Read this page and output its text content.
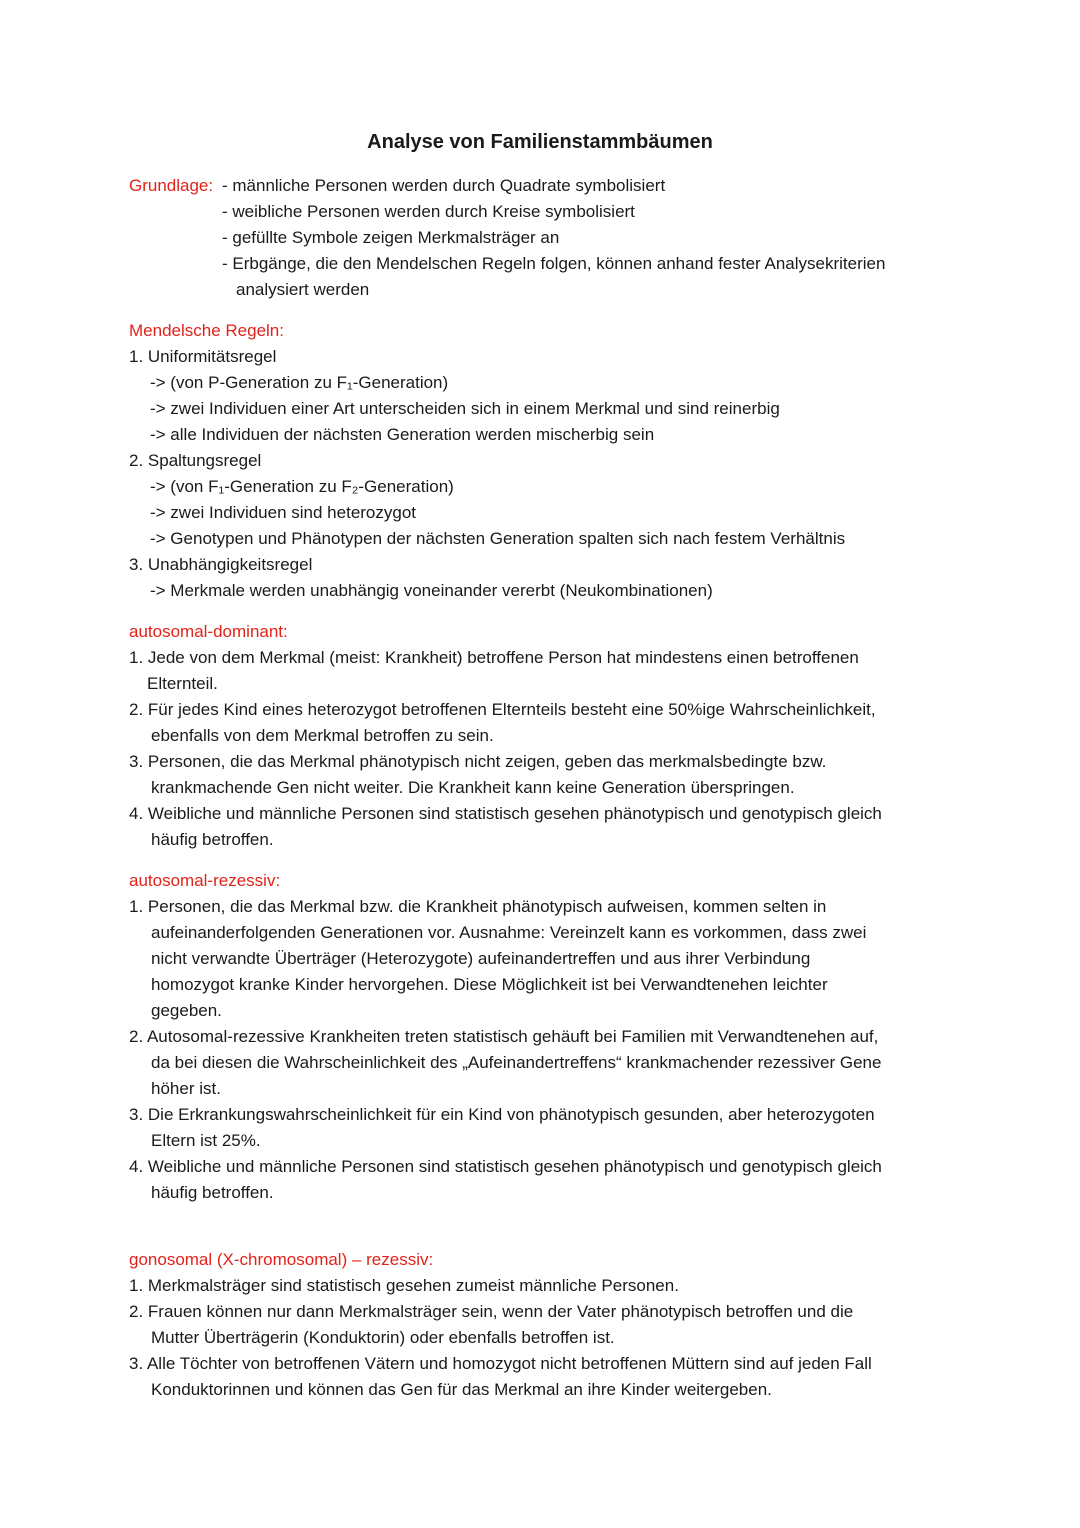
Analyse von Familienstammbäumen
Grundlage: - männliche Personen werden durch Quadrate symbolisiert
- weibliche Personen werden durch Kreise symbolisiert
- gefüllte Symbole zeigen Merkmalsträger an
- Erbgänge, die den Mendelschen Regeln folgen, können anhand fester Analysekriterien
analysiert werden
Mendelsche Regeln:
1. Uniformitätsregel
-> (von P-Generation zu F₁-Generation)
-> zwei Individuen einer Art unterscheiden sich in einem Merkmal und sind reinerbig
-> alle Individuen der nächsten Generation werden mischerbig sein
2. Spaltungsregel
-> (von F₁-Generation zu F₂-Generation)
-> zwei Individuen sind heterozygot
-> Genotypen und Phänotypen der nächsten Generation spalten sich nach festem Verhältnis
3. Unabhängigkeitsregel
-> Merkmale werden unabhängig voneinander vererbt (Neukombinationen)
autosomal-dominant:
1. Jede von dem Merkmal (meist: Krankheit) betroffene Person hat mindestens einen betroffenen
Elternteil.
2. Für jedes Kind eines heterozygot betroffenen Elternteils besteht eine 50%ige Wahrscheinlichkeit,
ebenfalls von dem Merkmal betroffen zu sein.
3. Personen, die das Merkmal phänotypisch nicht zeigen, geben das merkmalsbedingte bzw.
krankmachende Gen nicht weiter. Die Krankheit kann keine Generation überspringen.
4. Weibliche und männliche Personen sind statistisch gesehen phänotypisch und genotypisch gleich
häufig betroffen.
autosomal-rezessiv:
1. Personen, die das Merkmal bzw. die Krankheit phänotypisch aufweisen, kommen selten in
aufeinanderfolgenden Generationen vor. Ausnahme: Vereinzelt kann es vorkommen, dass zwei
nicht verwandte Überträger (Heterozygote) aufeinandertreffen und aus ihrer Verbindung
homozygot kranke Kinder hervorgehen. Diese Möglichkeit ist bei Verwandtenehen leichter
gegeben.
2. Autosomal-rezessive Krankheiten treten statistisch gehäuft bei Familien mit Verwandtenehen auf,
da bei diesen die Wahrscheinlichkeit des „Aufeinandertreffens“ krankmachender rezessiver Gene
höher ist.
3. Die Erkrankungswahrscheinlichkeit für ein Kind von phänotypisch gesunden, aber heterozygoten
Eltern ist 25%.
4. Weibliche und männliche Personen sind statistisch gesehen phänotypisch und genotypisch gleich
häufig betroffen.
gonosomal (X-chromosomal) – rezessiv:
1. Merkmalsträger sind statistisch gesehen zumeist männliche Personen.
2. Frauen können nur dann Merkmalsträger sein, wenn der Vater phänotypisch betroffen und die
Mutter Überträgerin (Konduktorin) oder ebenfalls betroffen ist.
3. Alle Töchter von betroffenen Vätern und homozygot nicht betroffenen Müttern sind auf jeden Fall
Konduktorinnen und können das Gen für das Merkmal an ihre Kinder weitergeben.
